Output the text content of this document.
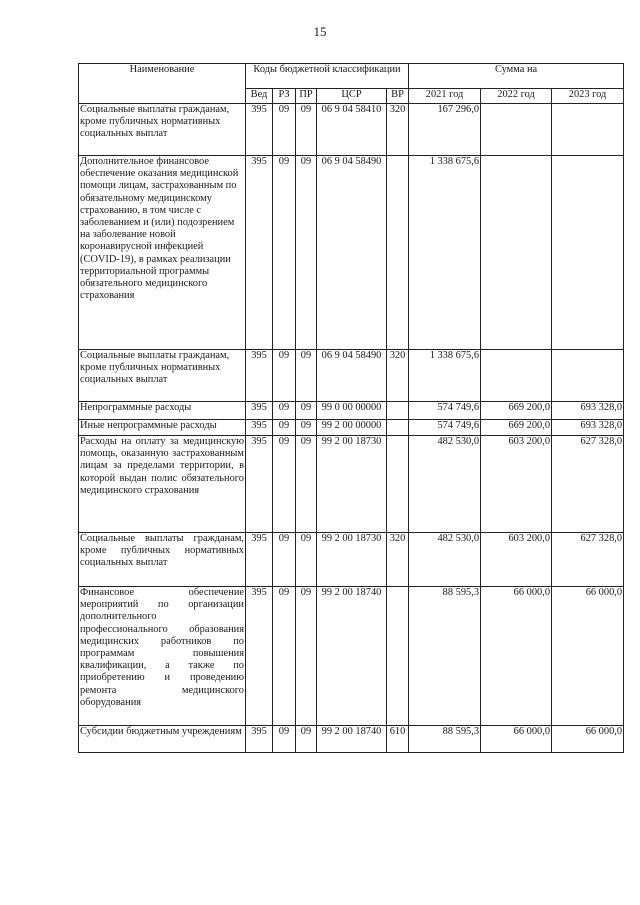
15
Наименование	Коды бюджетной классификации					Сумма на		
	Вед	РЗ	ПР	ЦСР	ВР	2021 год	2022 год	2023 год
Социальные выплаты гражданам, кроме публичных нормативных социальных выплат	395	09	09	06 9 04 58410	320	167 296,0		
Дополнительное финансовое обеспечение оказания медицинской помощи лицам, застрахованным по обязательному медицинскому страхованию, в том числе с заболеванием и (или) подозрением на заболевание новой коронавирусной инфекцией (COVID-19), в рамках реализации территориальной программы обязательного медицинского страхования	395	09	09	06 9 04 58490		1 338 675,6		
Социальные выплаты гражданам, кроме публичных нормативных социальных выплат	395	09	09	06 9 04 58490	320	1 338 675,6		
Непрограммные расходы	395	09	09	99 0 00 00000		574 749,6	669 200,0	693 328,0
Иные непрограммные расходы	395	09	09	99 2 00 00000		574 749,6	669 200,0	693 328,0
Расходы на оплату за медицинскую помощь, оказанную застрахованным лицам за пределами территории, в которой выдан полис обязательного медицинского страхования	395	09	09	99 2 00 18730		482 530,0	603 200,0	627 328,0
Социальные выплаты гражданам, кроме публичных нормативных социальных выплат	395	09	09	99 2 00 18730	320	482 530,0	603 200,0	627 328,0
Финансовое обеспечение мероприятий по организации дополнительного профессионального образования медицинских работников по программам повышения квалификации, а также по приобретению и проведению ремонта медицинского оборудования	395	09	09	99 2 00 18740		88 595,3	66 000,0	66 000,0
Субсидии бюджетным учреждениям	395	09	09	99 2 00 18740	610	88 595,3	66 000,0	66 000,0
